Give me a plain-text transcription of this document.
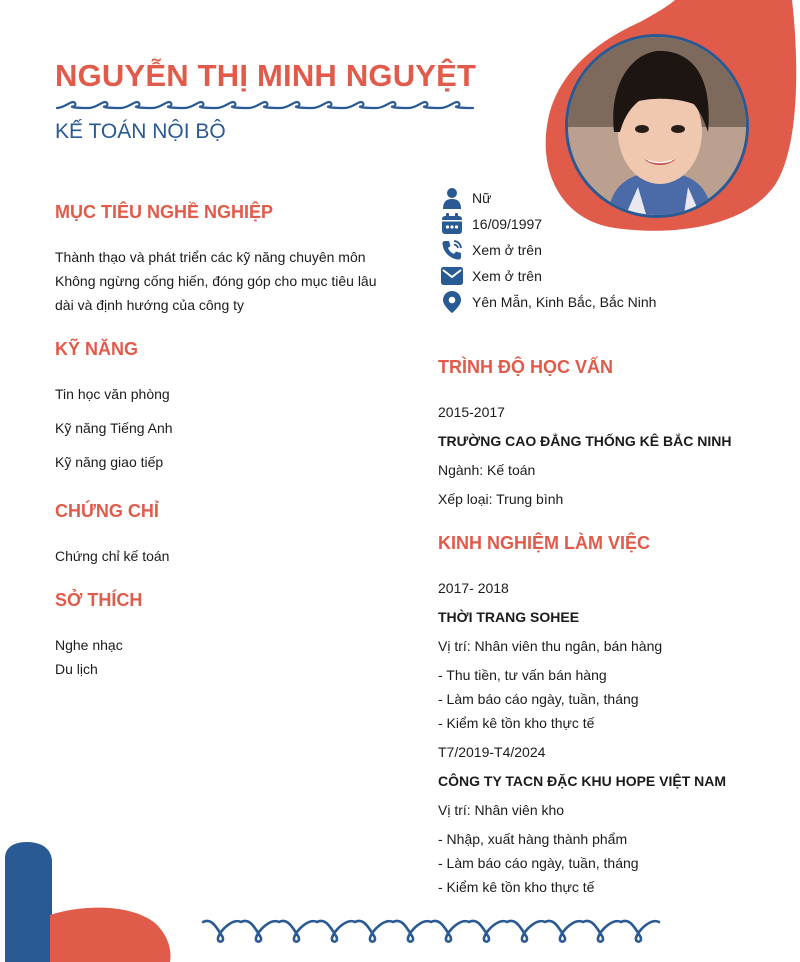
NGUYỄN THỊ MINH NGUYỆT
KẾ TOÁN NỘI BỘ
Nữ
16/09/1997
Xem ở trên
Xem ở trên
Yên Mẫn, Kinh Bắc, Bắc Ninh
MỤC TIÊU NGHỀ NGHIỆP
Thành thạo và phát triển các kỹ năng chuyên môn
Không ngừng cống hiến, đóng góp cho mục tiêu lâu
dài và định hướng của công ty
KỸ NĂNG
Tin học văn phòng
Kỹ năng Tiếng Anh
Kỹ năng giao tiếp
CHỨNG CHỈ
Chứng chỉ kế toán
SỞ THÍCH
Nghe nhạc
Du lịch
TRÌNH ĐỘ HỌC VẤN
2015-2017
TRƯỜNG CAO ĐẲNG THỐNG KÊ BẮC NINH
Ngành: Kế toán
Xếp loại: Trung bình
KINH NGHIỆM LÀM VIỆC
2017- 2018
THỜI TRANG SOHEE
Vị trí: Nhân viên thu ngân, bán hàng
- Thu tiền, tư vấn bán hàng
- Làm báo cáo ngày, tuần, tháng
- Kiểm kê tồn kho thực tế
T7/2019-T4/2024
CÔNG TY TACN ĐẶC KHU HOPE VIỆT NAM
Vị trí: Nhân viên kho
- Nhập, xuất hàng thành phẩm
- Làm báo cáo ngày, tuần, tháng
- Kiểm kê tồn kho thực tế
